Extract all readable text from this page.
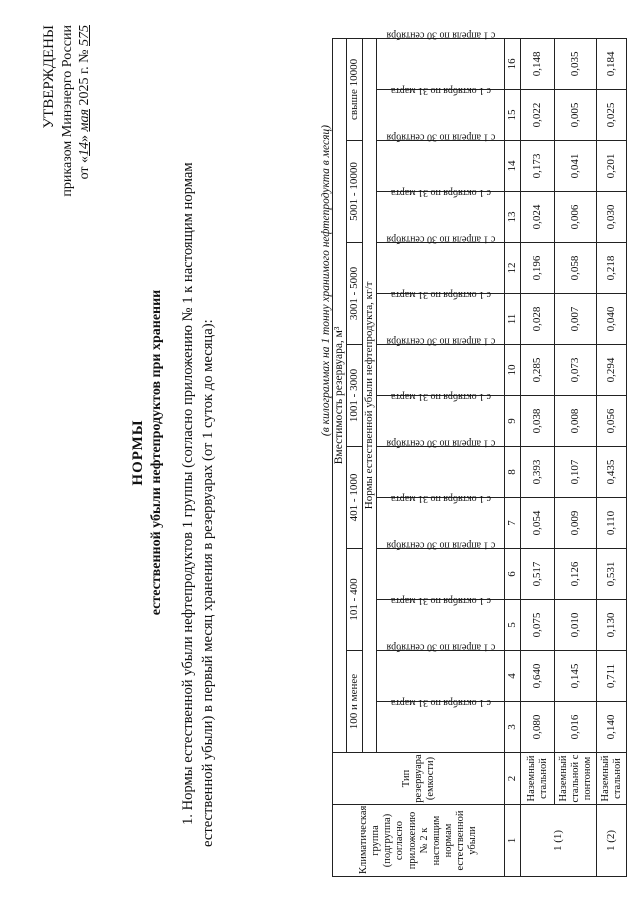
УТВЕРЖДЕНЫ приказом Минэнерго России от «14» мая 2025 г. № 575
НОРМЫ естественной убыли нефтепродуктов при хранении 1. Нормы естественной убыли нефтепродуктов 1 группы (согласно приложению № 1 к настоящим нормам естественной убыли) в первый месяц хранения в резервуарах (от 1 суток до месяца):
(в килограммах на 1 тонну хранимого нефтепродукта в месяц)
Климатическая группа (подгруппа) согласно приложению № 2 к настоящим нормам естественной убыли	Тип резервуара (емкости)	Вместимость резервуара, м³													
		100 и менее		101 - 400		401 - 1000		1001 - 3000		3001 - 5000		5001 - 10000		свыше 10000	
		Нормы естественной убыли нефтепродукта, кг/т													
		с 1 октября по 31 марта	с 1 апреля по 30 сентября	с 1 октября по 31 марта	с 1 апреля по 30 сентября	с 1 октября по 31 марта	с 1 апреля по 30 сентября	с 1 октября по 31 марта	с 1 апреля по 30 сентября	с 1 октября по 31 марта	с 1 апреля по 30 сентября	с 1 октября по 31 марта	с 1 апреля по 30 сентября	с 1 октября по 31 марта	с 1 апреля по 30 сентября
1	2	3	4	5	6	7	8	9	10	11	12	13	14	15	16
1 (1)	Наземный стальной	0,080	0,640	0,075	0,517	0,054	0,393	0,038	0,285	0,028	0,196	0,024	0,173	0,022	0,148
	Наземный стальной с понтоном	0,016	0,145	0,010	0,126	0,009	0,107	0,008	0,073	0,007	0,058	0,006	0,041	0,005	0,035
1 (2)	Наземный стальной	0,140	0,711	0,130	0,531	0,110	0,435	0,056	0,294	0,040	0,218	0,030	0,201	0,025	0,184
